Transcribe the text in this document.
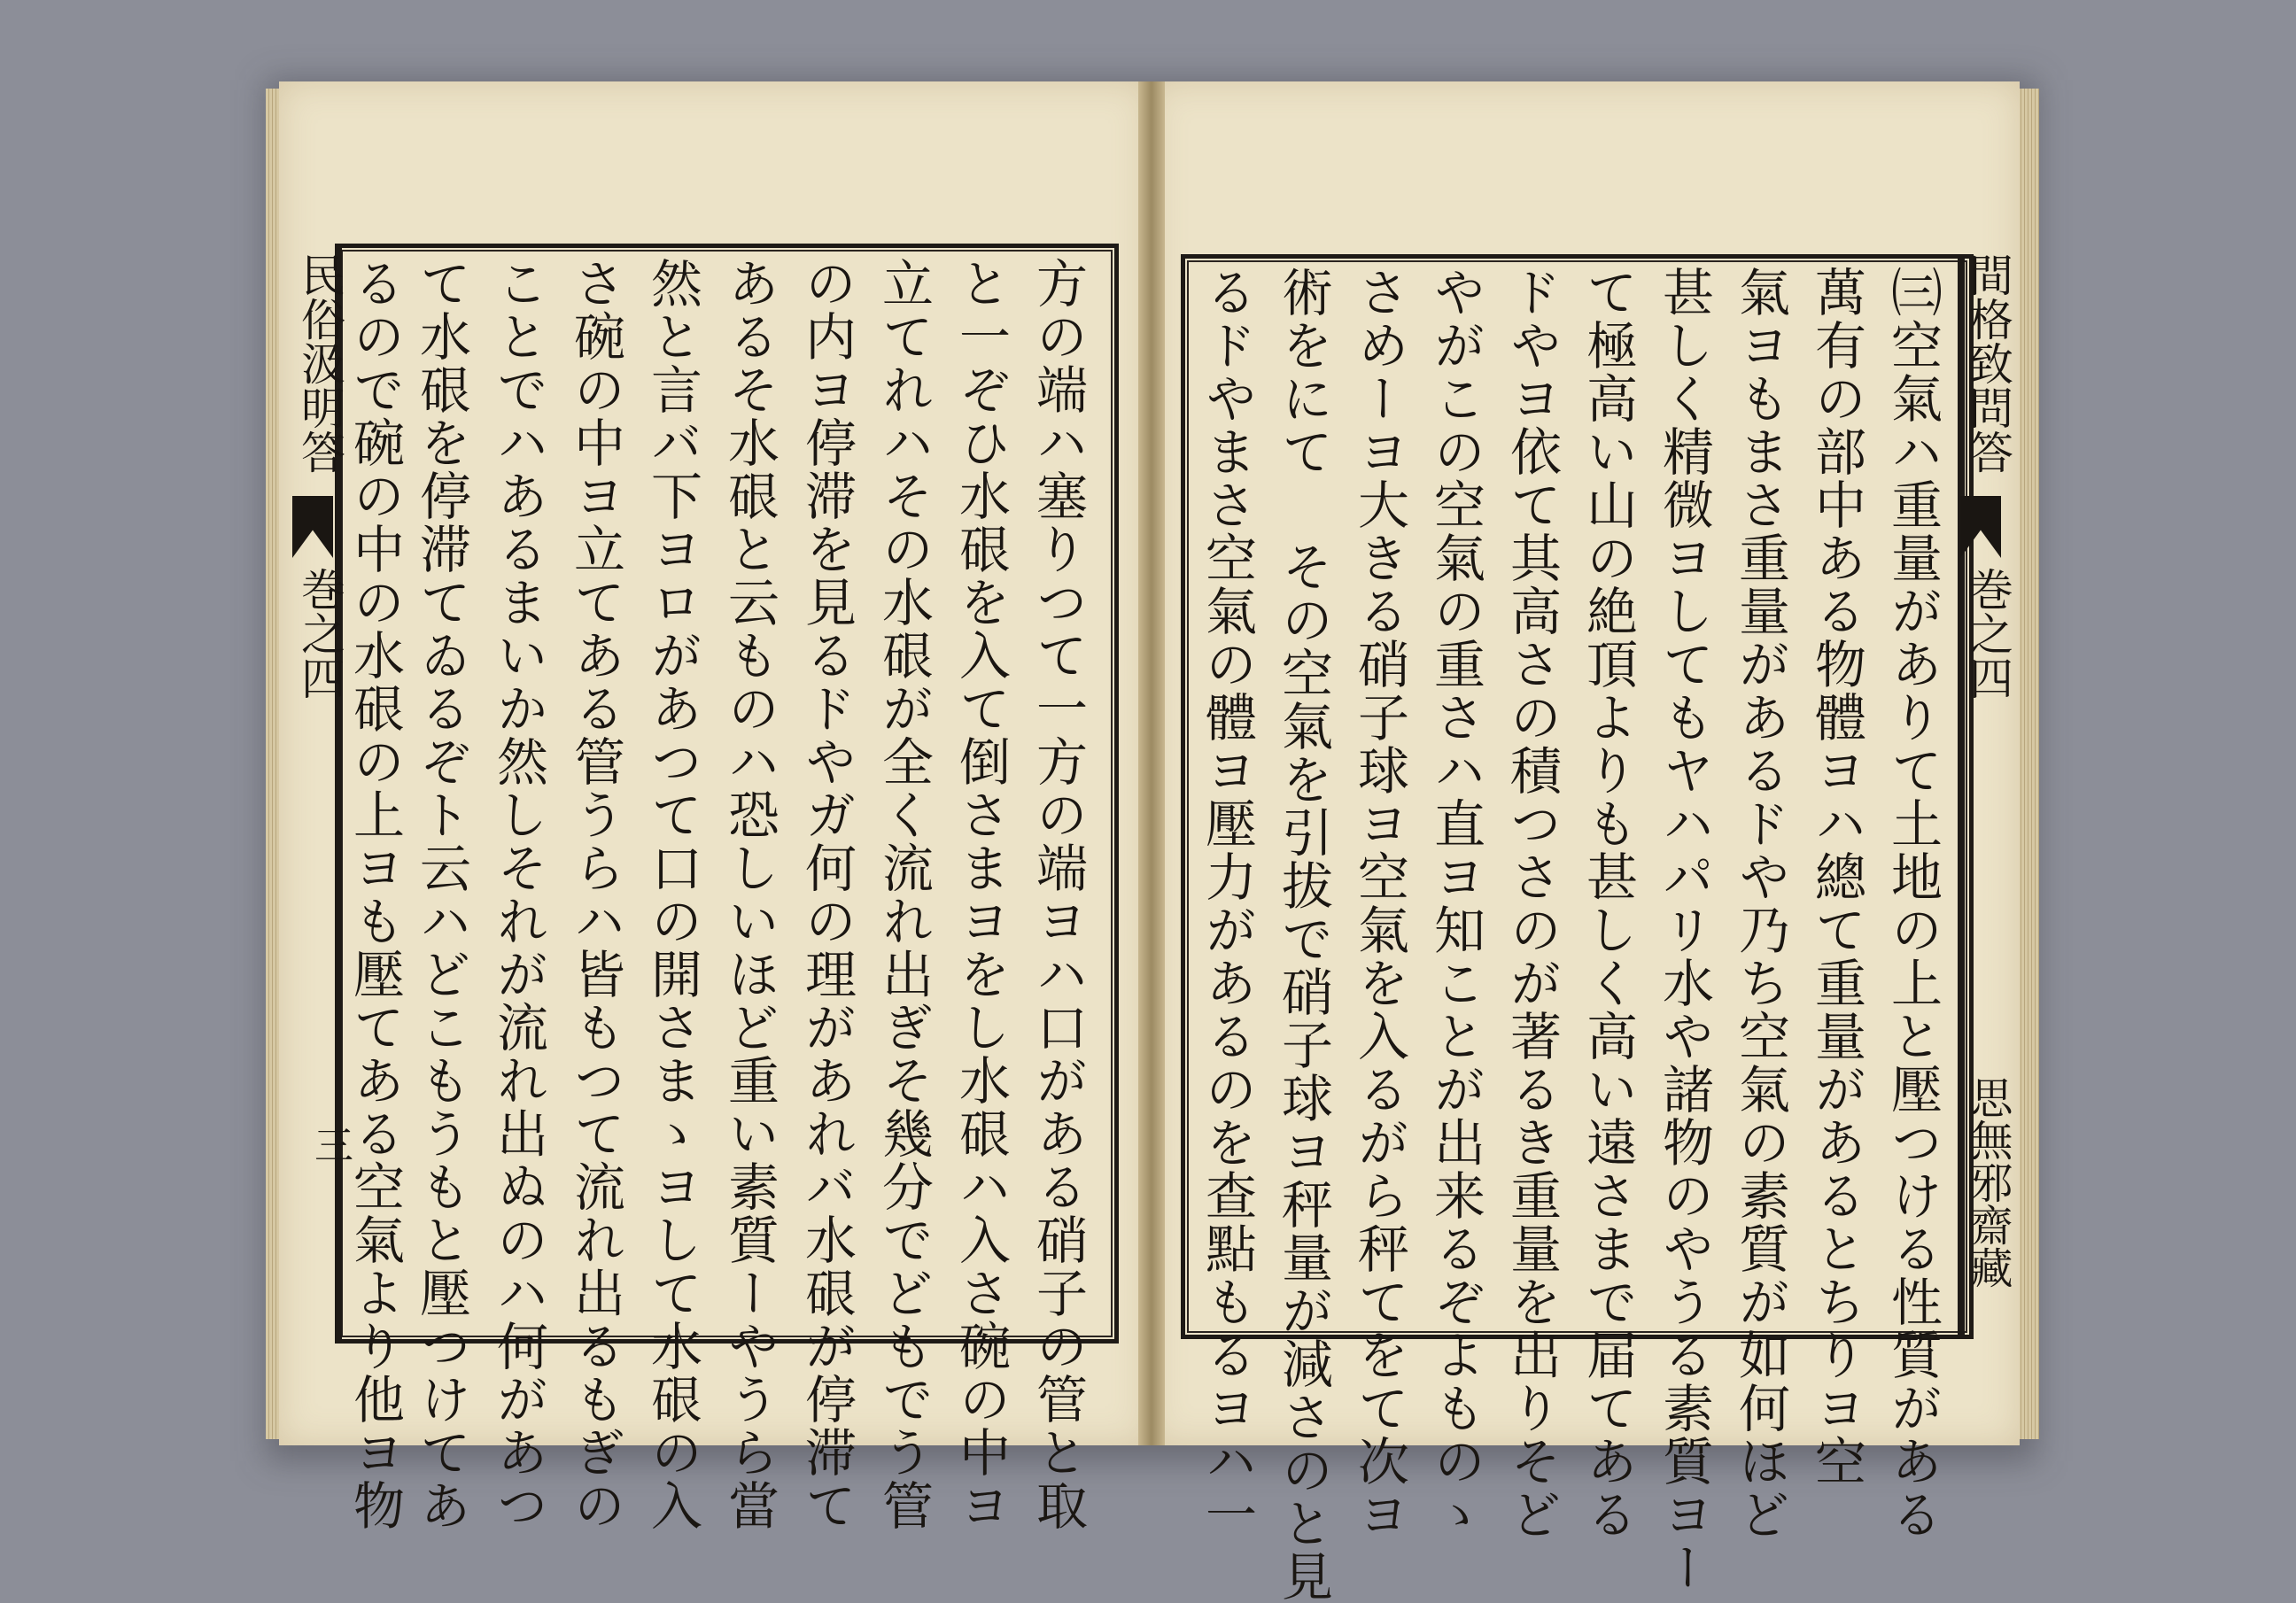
民俗汲明答
巻之四
三	方の端ハ塞りつて一方の端ヨハ口がある硝子の管と取
と一ぞひ水硍を入て倒さまヨをし水硍ハ入さ碗の中ヨ
立てれハその水硍が全く流れ出ぎそ幾分でどもでう管
の内ヨ停滞を見るドやガ何の理があれバ水硍が停滞て
あるそ水硍と云ものハ恐しいほど重い素質ーやうら當
然と言バ下ヨロがあつて口の開さまゝヨして水硍の入
さ碗の中ヨ立てある管うらハ皆もつて流れ出るもぎの
ことでハあるまいか然しそれが流れ出ぬのハ何があつ
て水硍を停滞てゐるぞト云ハどこもうもと壓つけてあ
るので碗の中の水硍の上ヨも壓てある空氣より他ヨ物	間格致問答
巻之四
思無邪齋藏
㈢空氣ハ重量がありて土地の上と壓つける性質がある
萬有の部中ある物體ヨハ總て重量があるとちりヨ空
氣ヨもまさ重量があるドや乃ち空氣の素質が如何ほど
甚しく精微ヨしてもヤハパリ水や諸物のやうる素質ヨー
て極高い山の絶頂よりも甚しく高い遠さまで届てある
ドやヨ依て其高さの積つさのが著るき重量を出りそど
やがこの空氣の重さハ直ヨ知ことが出来るぞよものゝ
さめーヨ大きる硝子球ヨ空氣を入るがら秤てをて次ヨ
術をにて その空氣を引拔で硝子球ヨ秤量が減さのと見
るドやまさ空氣の體ヨ壓力があるのを查點もるヨハ一
